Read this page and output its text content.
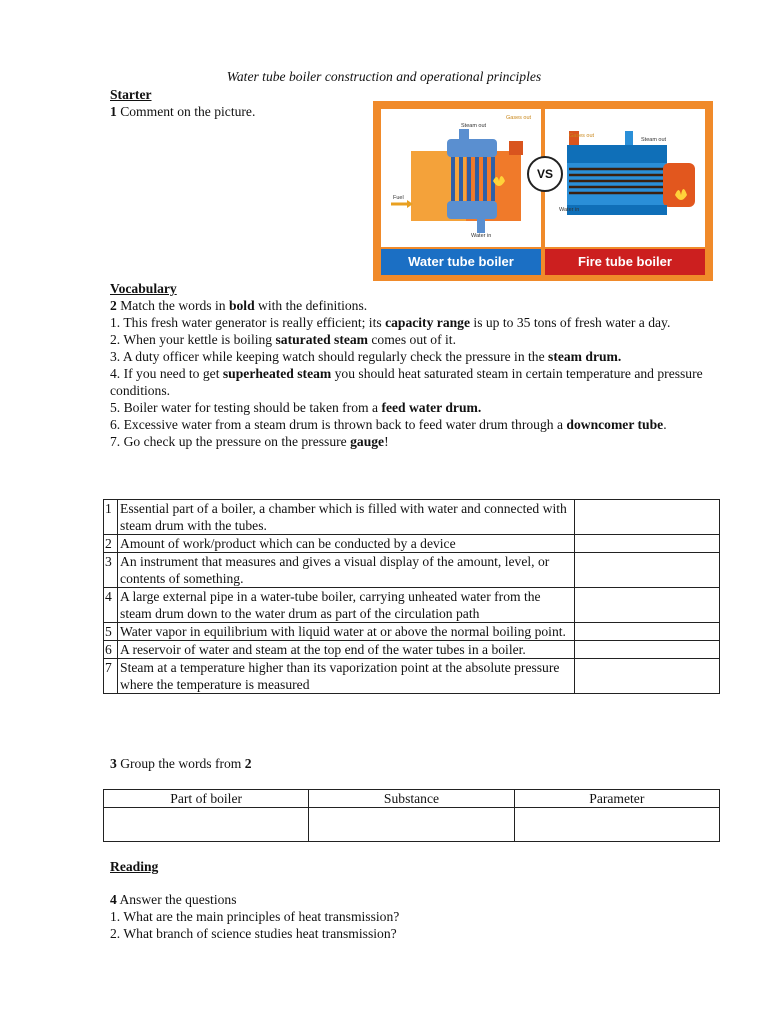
Water tube boiler construction and operational principles
Starter
1 Comment on the picture.
Steam out
Gases out
Fuel
Water in
Gases out
Steam out
Water in
VS
Water tube boiler	Fire tube boiler
Vocabulary

2 Match the words in bold with the definitions.

1. This fresh water generator is really efficient; its capacity range is up to 35 tons of fresh water a day.

2. When your kettle is boiling saturated steam comes out of it.

3. A duty officer while keeping watch should regularly check the pressure in the steam drum.

4. If you need to get superheated steam you should heat saturated steam in certain temperature and pressure conditions.

5. Boiler water for testing should be taken from a feed water drum.

6. Excessive water from a steam drum is thrown back to feed water drum through a downcomer tube.

7. Go check up the pressure on the pressure gauge!

1	Essential part of a boiler, a chamber which is filled with water and connected with steam drum with the tubes.	
2	Amount of work/product which can be conducted by a device	
3	An instrument that measures and gives a visual display of the amount, level, or contents of something.	
4	A large external pipe in a water-tube boiler, carrying unheated water from the steam drum down to the water drum as part of the circulation path	
5	Water vapor in equilibrium with liquid water at or above the normal boiling point.	
6	A reservoir of water and steam at the top end of the water tubes in a boiler.	
7	Steam at a temperature higher than its vaporization point at the absolute pressure where the temperature is measured	
3 Group the words from 2
Part of boiler	Substance	Parameter

Reading
4 Answer the questions
1. What are the main principles of heat transmission?
2. What branch of science studies heat transmission?
